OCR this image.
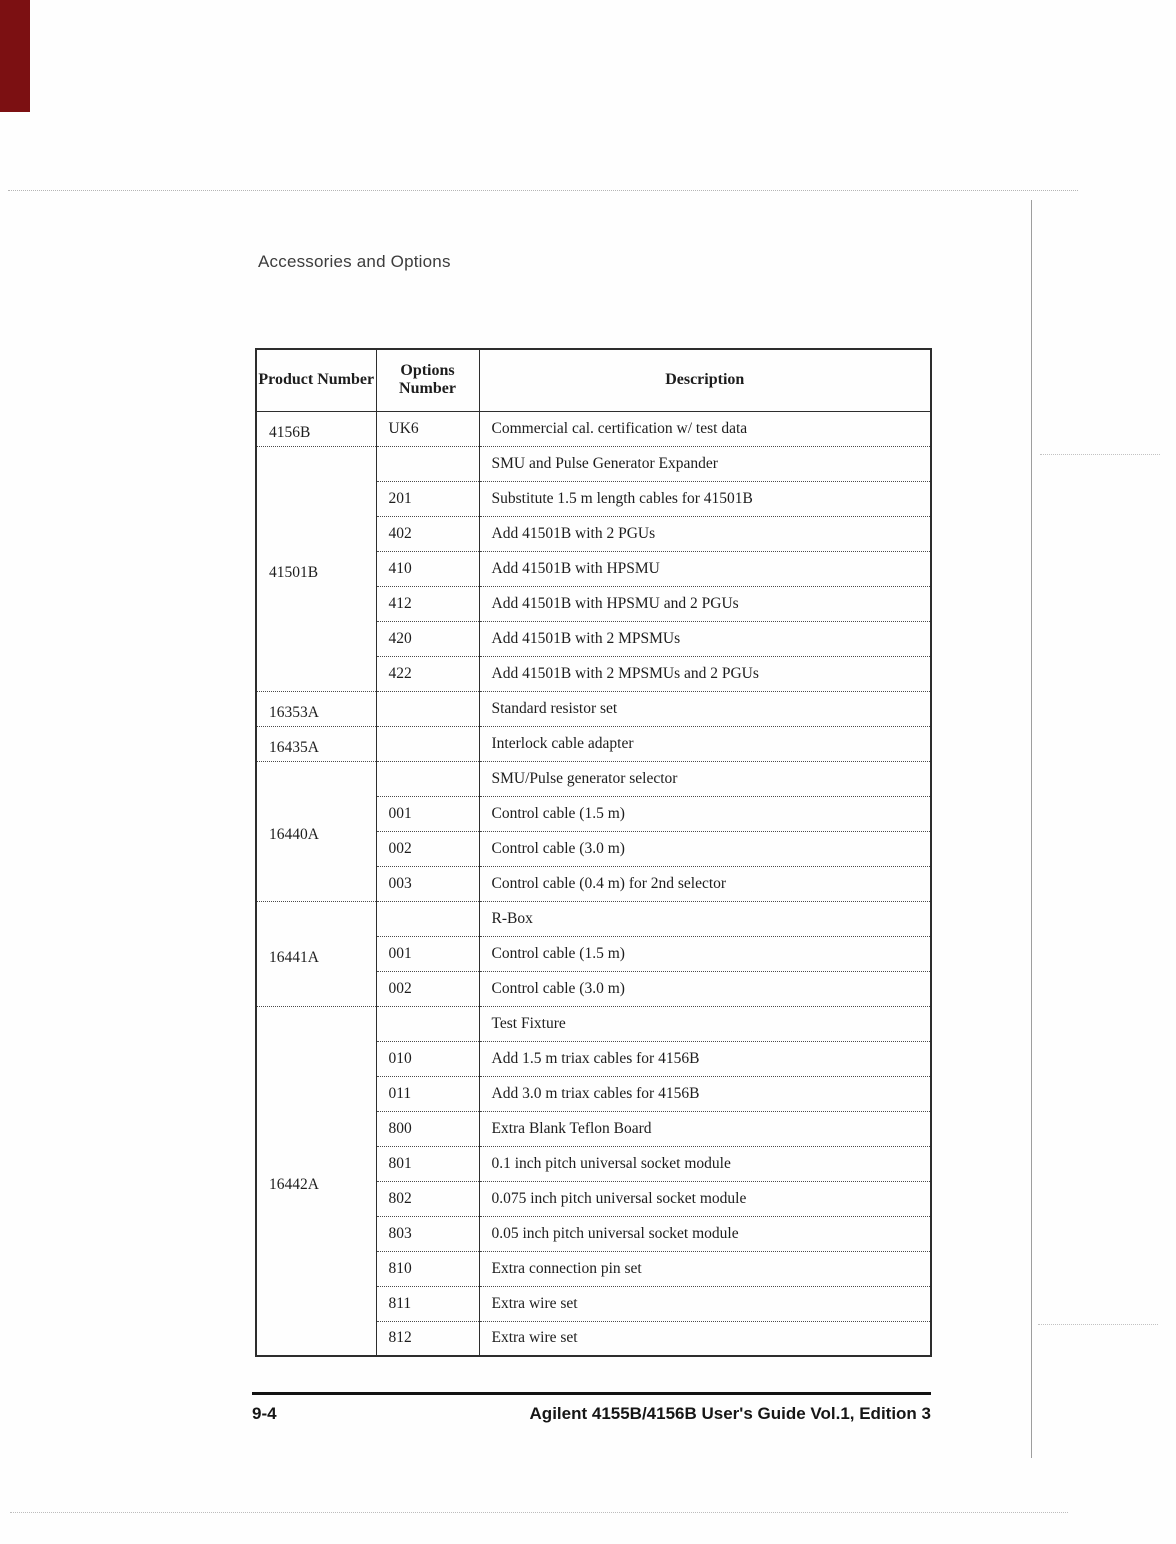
Accessories and Options
Product Number	Options Number	Description
4156B	UK6	Commercial cal. certification w/ test data
41501B		SMU and Pulse Generator Expander
	201	Substitute 1.5 m length cables for 41501B
	402	Add 41501B with 2 PGUs
	410	Add 41501B with HPSMU
	412	Add 41501B with HPSMU and 2 PGUs
	420	Add 41501B with 2 MPSMUs
	422	Add 41501B with 2 MPSMUs and 2 PGUs
16353A		Standard resistor set
16435A		Interlock cable adapter
16440A		SMU/Pulse generator selector
	001	Control cable (1.5 m)
	002	Control cable (3.0 m)
	003	Control cable (0.4 m) for 2nd selector
16441A		R-Box
	001	Control cable (1.5 m)
	002	Control cable (3.0 m)
16442A		Test Fixture
	010	Add 1.5 m triax cables for 4156B
	011	Add 3.0 m triax cables for 4156B
	800	Extra Blank Teflon Board
	801	0.1 inch pitch universal socket module
	802	0.075 inch pitch universal socket module
	803	0.05 inch pitch universal socket module
	810	Extra connection pin set
	811	Extra wire set
	812	Extra wire set
9-4	Agilent 4155B/4156B User's Guide Vol.1, Edition 3
